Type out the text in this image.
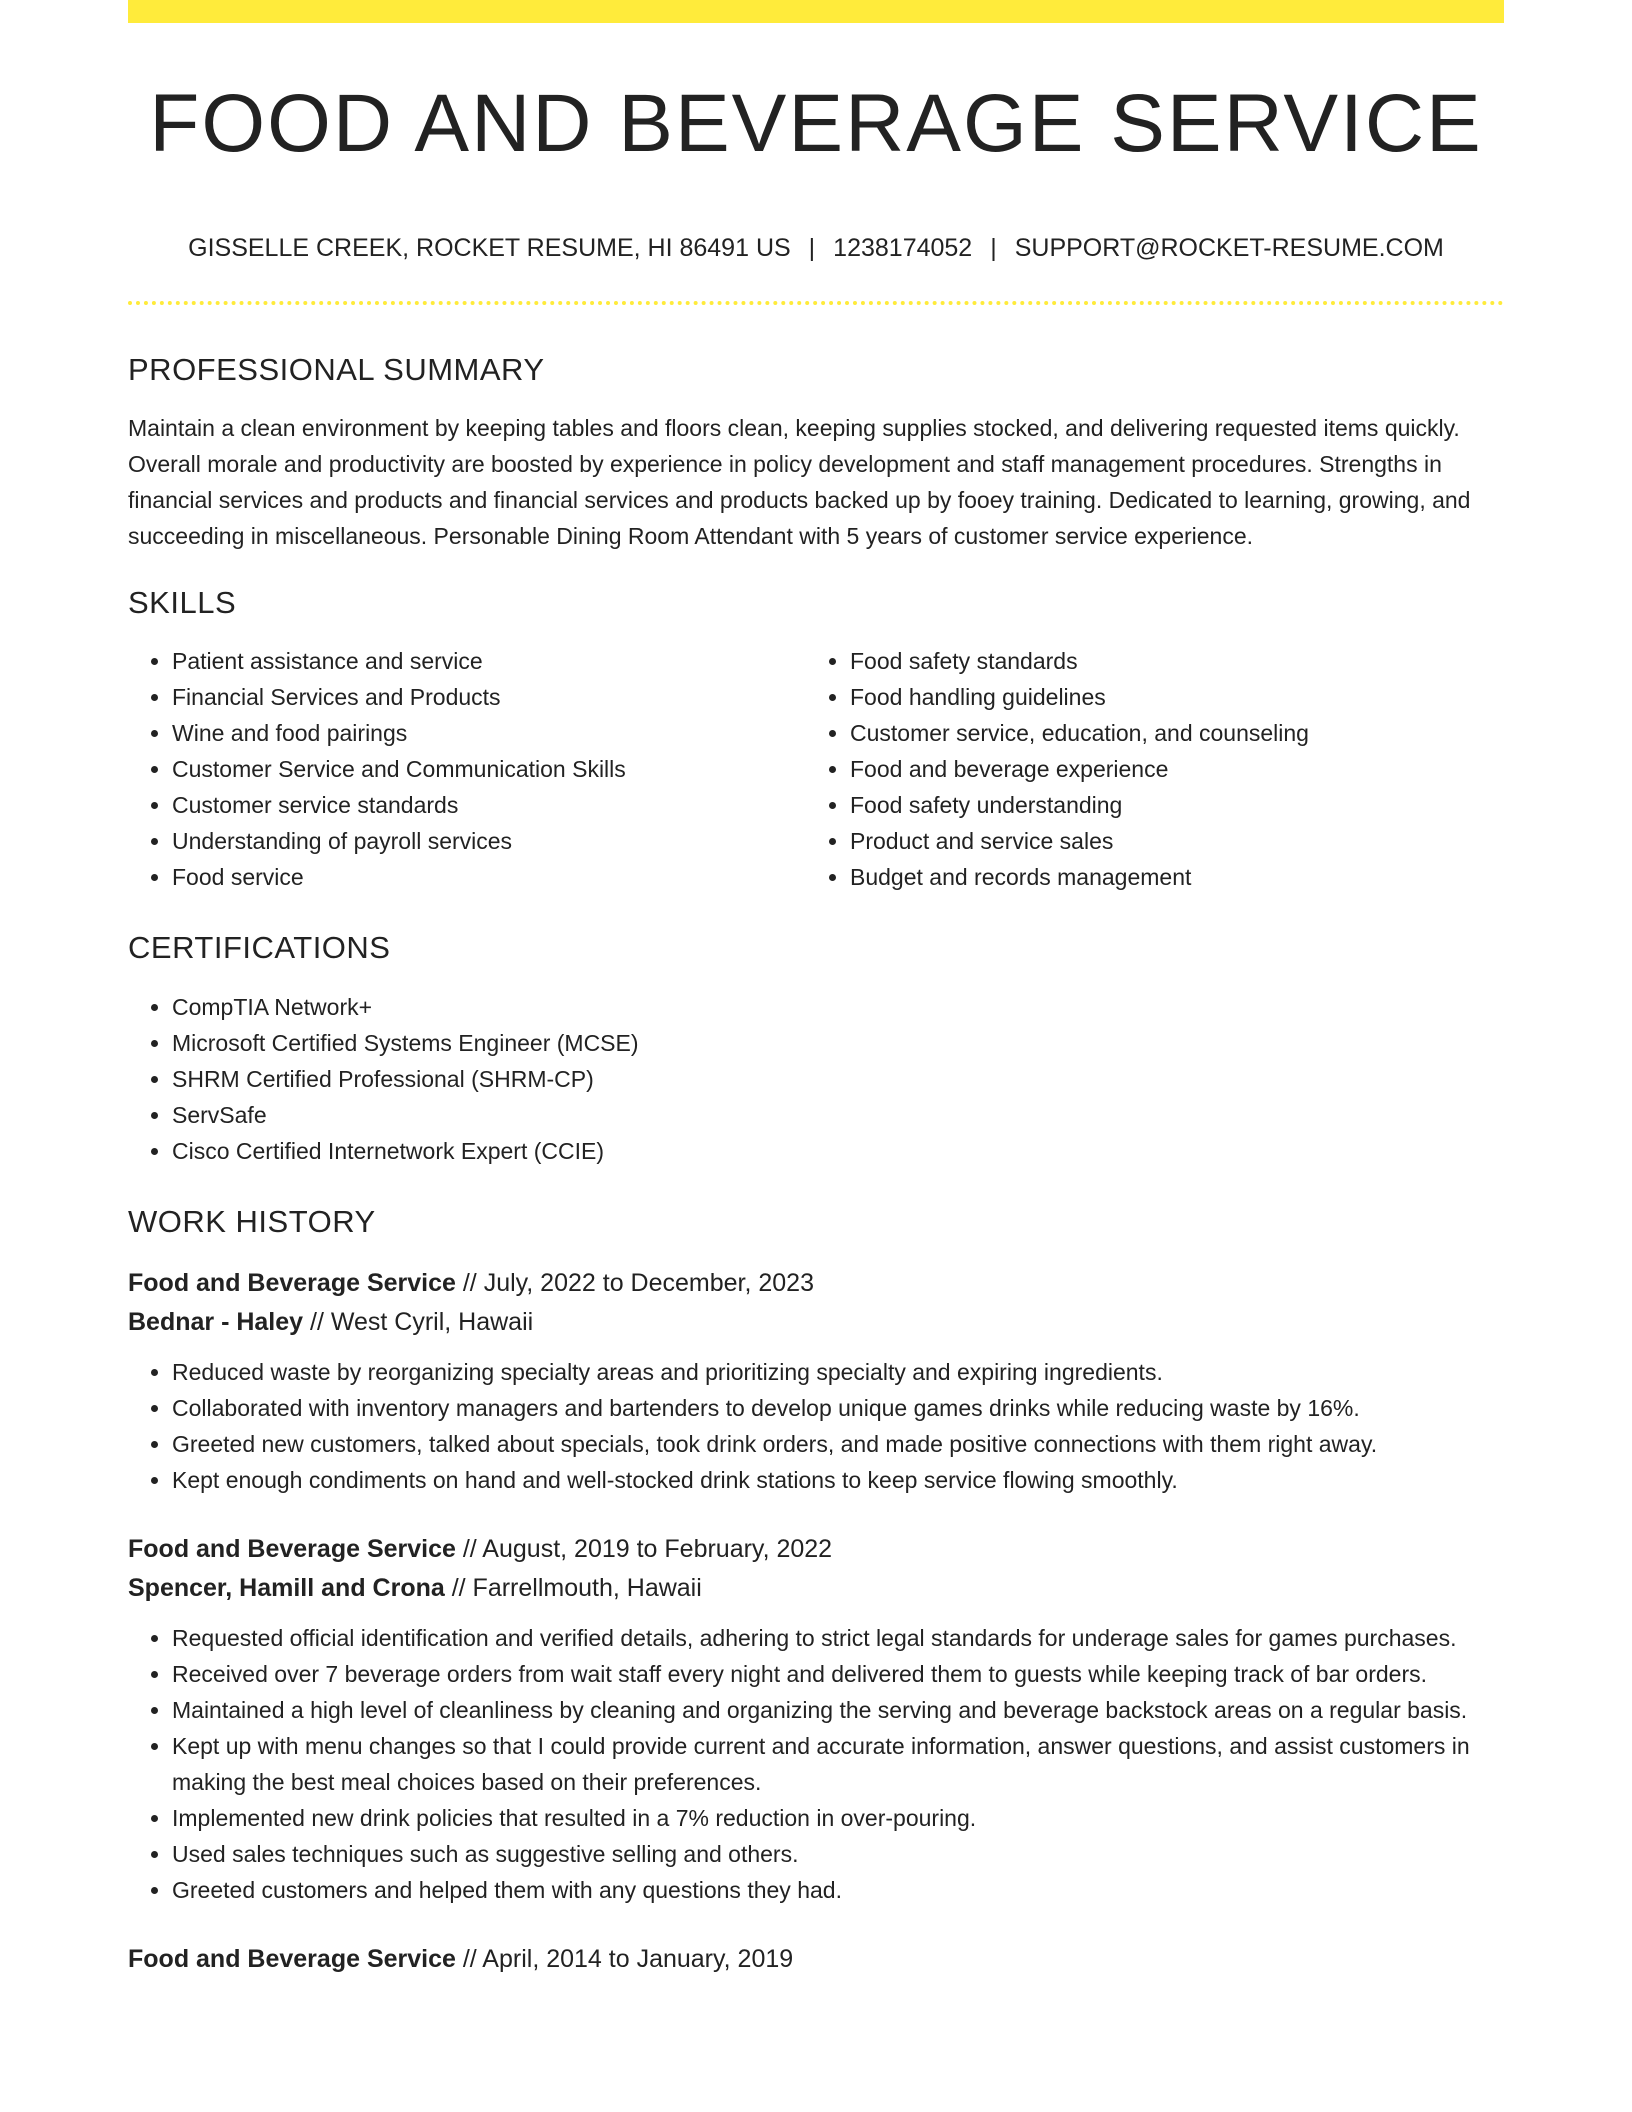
FOOD AND BEVERAGE SERVICE
GISSELLE CREEK, ROCKET RESUME, HI 86491 US | 1238174052 | SUPPORT@ROCKET-RESUME.COM
PROFESSIONAL SUMMARY
Maintain a clean environment by keeping tables and floors clean, keeping supplies stocked, and delivering requested items quickly. Overall morale and productivity are boosted by experience in policy development and staff management procedures. Strengths in financial services and products and financial services and products backed up by fooey training. Dedicated to learning, growing, and succeeding in miscellaneous. Personable Dining Room Attendant with 5 years of customer service experience.
SKILLS
• Patient assistance and service
• Financial Services and Products
• Wine and food pairings
• Customer Service and Communication Skills
• Customer service standards
• Understanding of payroll services
• Food service
• Food safety standards
• Food handling guidelines
• Customer service, education, and counseling
• Food and beverage experience
• Food safety understanding
• Product and service sales
• Budget and records management
CERTIFICATIONS
• CompTIA Network+
• Microsoft Certified Systems Engineer (MCSE)
• SHRM Certified Professional (SHRM-CP)
• ServSafe
• Cisco Certified Internetwork Expert (CCIE)
WORK HISTORY
Food and Beverage Service // July, 2022 to December, 2023
Bednar - Haley // West Cyril, Hawaii
• Reduced waste by reorganizing specialty areas and prioritizing specialty and expiring ingredients.
• Collaborated with inventory managers and bartenders to develop unique games drinks while reducing waste by 16%.
• Greeted new customers, talked about specials, took drink orders, and made positive connections with them right away.
• Kept enough condiments on hand and well-stocked drink stations to keep service flowing smoothly.
Food and Beverage Service // August, 2019 to February, 2022
Spencer, Hamill and Crona // Farrellmouth, Hawaii
• Requested official identification and verified details, adhering to strict legal standards for underage sales for games purchases.
• Received over 7 beverage orders from wait staff every night and delivered them to guests while keeping track of bar orders.
• Maintained a high level of cleanliness by cleaning and organizing the serving and beverage backstock areas on a regular basis.
• Kept up with menu changes so that I could provide current and accurate information, answer questions, and assist customers in making the best meal choices based on their preferences.
• Implemented new drink policies that resulted in a 7% reduction in over-pouring.
• Used sales techniques such as suggestive selling and others.
• Greeted customers and helped them with any questions they had.
Food and Beverage Service // April, 2014 to January, 2019
